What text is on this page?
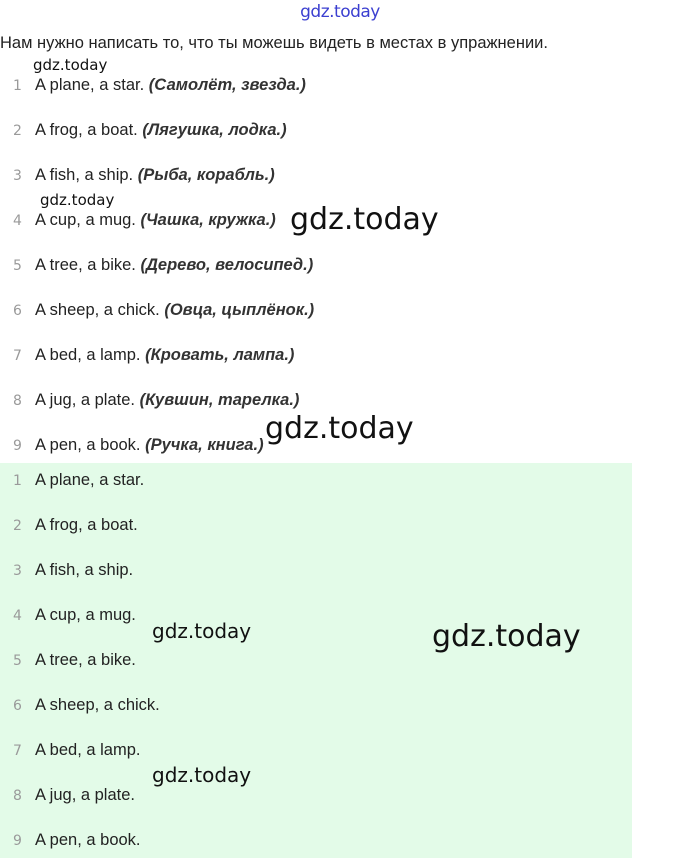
gdz.today
Нам нужно написать то, что ты можешь видеть в местах в упражнении.
1 A plane, a star. (Самолёт, звезда.)
2 A frog, a boat. (Лягушка, лодка.)
3 A fish, a ship. (Рыба, корабль.)
4 A cup, a mug. (Чашка, кружка.)
5 A tree, a bike. (Дерево, велосипед.)
6 A sheep, a chick. (Овца, цыплёнок.)
7 A bed, a lamp. (Кровать, лампа.)
8 A jug, a plate. (Кувшин, тарелка.)
9 A pen, a book. (Ручка, книга.)
1 A plane, a star.
2 A frog, a boat.
3 A fish, a ship.
4 A cup, a mug.
5 A tree, a bike.
6 A sheep, a chick.
7 A bed, a lamp.
8 A jug, a plate.
9 A pen, a book.
gdz.today
gdz.today
gdz.today
gdz.today
gdz.today	gdz.today
gdz.today
